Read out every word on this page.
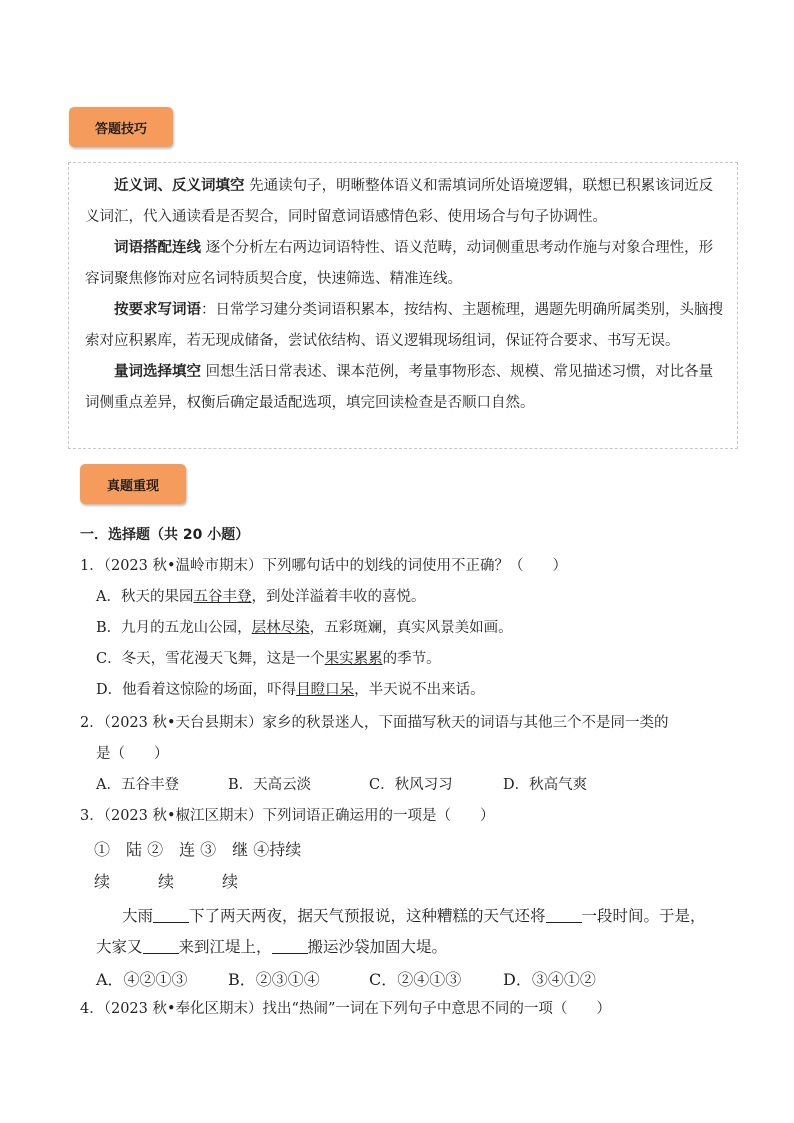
答题技巧

近义词、反义词填空 先通读句子，明晰整体语义和需填词所处语境逻辑，联想已积累该词近反义词汇，代入通读看是否契合，同时留意词语感情色彩、使用场合与句子协调性。

词语搭配连线 逐个分析左右两边词语特性、语义范畴，动词侧重思考动作施与对象合理性，形容词聚焦修饰对应名词特质契合度，快速筛选、精准连线。

按要求写词语：日常学习建分类词语积累本，按结构、主题梳理，遇题先明确所属类别，头脑搜索对应积累库，若无现成储备，尝试依结构、语义逻辑现场组词，保证符合要求、书写无误。

量词选择填空 回想生活日常表述、课本范例，考量事物形态、规模、常见描述习惯，对比各量词侧重点差异，权衡后确定最适配选项，填完回读检查是否顺口自然。

真题重现
一．选择题（共 20 小题）
1．（2023 秋•温岭市期末）下列哪句话中的划线的词使用不正确？（　　）
A．秋天的果园五谷丰登，到处洋溢着丰收的喜悦。
B．九月的五龙山公园，层林尽染，五彩斑斓，真实风景美如画。
C．冬天，雪花漫天飞舞，这是一个果实累累的季节。
D．他看着这惊险的场面，吓得目瞪口呆，半天说不出来话。
2．（2023 秋•天台县期末）家乡的秋景迷人，下面描写秋天的词语与其他三个不是同一类的
是（　　）
A．五谷丰登	B．天高云淡	C．秋风习习	D．秋高气爽
3．（2023 秋•椒江区期末）下列词语正确运用的一项是（　　）
①　陆 ②　连 ③　继 ④持续
续　　　续　　　续
大雨 下了两天两夜，据天气预报说，这种糟糕的天气还将 一段时间。于是，
大家又 来到江堤上， 搬运沙袋加固大堤。
A．④②①③	B．②③①④	C．②④①③	D．③④①②
4．（2023 秋•奉化区期末）找出“热闹”一词在下列句子中意思不同的一项（　　）
